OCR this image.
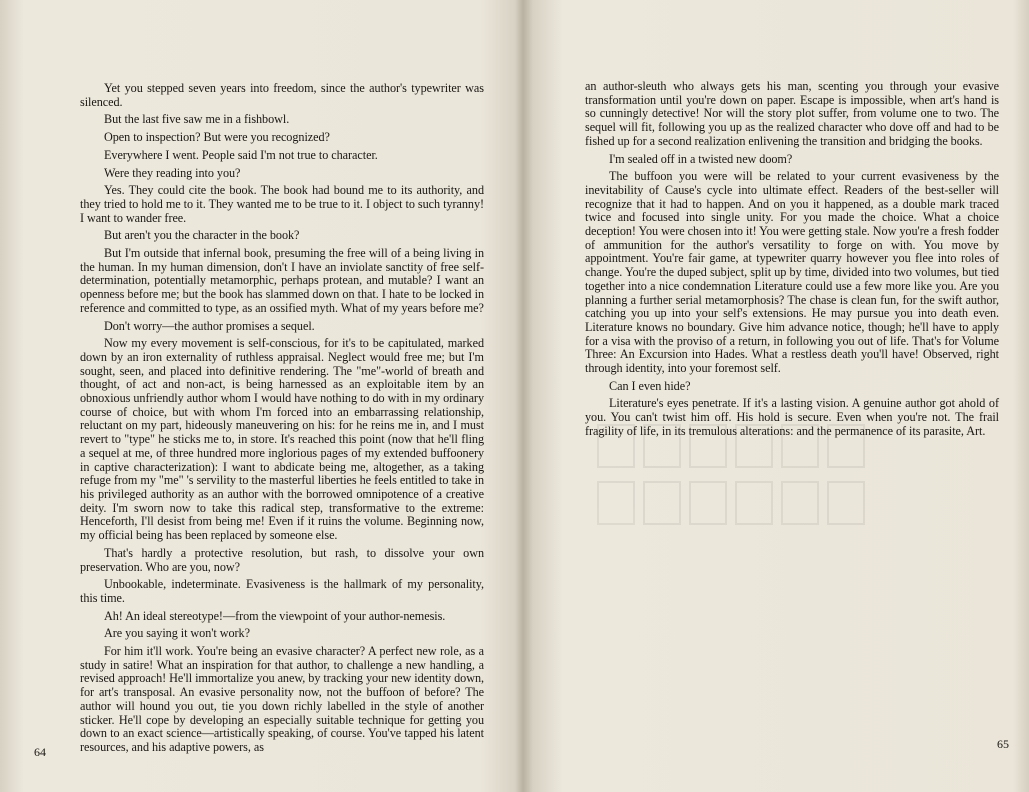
Yet you stepped seven years into freedom, since the author's typewriter was silenced.

But the last five saw me in a fishbowl.

Open to inspection? But were you recognized?

Everywhere I went. People said I'm not true to character.

Were they reading into you?

Yes. They could cite the book. The book had bound me to its authority, and they tried to hold me to it. They wanted me to be true to it. I object to such tyranny! I want to wander free.

But aren't you the character in the book?

But I'm outside that infernal book, presuming the free will of a being living in the human. In my human dimension, don't I have an inviolate sanctity of free self-determination, potentially metamorphic, perhaps protean, and mutable? I want an openness before me; but the book has slammed down on that. I hate to be locked in reference and committed to type, as an ossified myth. What of my years before me?

Don't worry—the author promises a sequel.

Now my every movement is self-conscious, for it's to be capitulated, marked down by an iron externality of ruthless appraisal. Neglect would free me; but I'm sought, seen, and placed into definitive rendering. The "me"-world of breath and thought, of act and non-act, is being harnessed as an exploitable item by an obnoxious unfriendly author whom I would have nothing to do with in my ordinary course of choice, but with whom I'm forced into an embarrassing relationship, reluctant on my part, hideously maneuvering on his: for he reins me in, and I must revert to "type" he sticks me to, in store. It's reached this point (now that he'll fling a sequel at me, of three hundred more inglorious pages of my extended buffoonery in captive characterization): I want to abdicate being me, altogether, as a taking refuge from my "me" 's servility to the masterful liberties he feels entitled to take in his privileged authority as an author with the borrowed omnipotence of a creative deity. I'm sworn now to take this radical step, transformative to the extreme: Henceforth, I'll desist from being me! Even if it ruins the volume. Beginning now, my official being has been replaced by someone else.

That's hardly a protective resolution, but rash, to dissolve your own preservation. Who are you, now?

Unbookable, indeterminate. Evasiveness is the hallmark of my personality, this time.

Ah! An ideal stereotype!—from the viewpoint of your author-nemesis.

Are you saying it won't work?

For him it'll work. You're being an evasive character? A perfect new role, as a study in satire! What an inspiration for that author, to challenge a new handling, a revised approach! He'll immortalize you anew, by tracking your new identity down, for art's transposal. An evasive personality now, not the buffoon of before? The author will hound you out, tie you down richly labelled in the style of another sticker. He'll cope by developing an especially suitable technique for getting you down to an exact science—artistically speaking, of course. You've tapped his latent resources, and his adaptive powers, as

64

an author-sleuth who always gets his man, scenting you through your evasive transformation until you're down on paper. Escape is impossible, when art's hand is so cunningly detective! Nor will the story plot suffer, from volume one to two. The sequel will fit, following you up as the realized character who dove off and had to be fished up for a second realization enlivening the transition and bridging the books.

I'm sealed off in a twisted new doom?

The buffoon you were will be related to your current evasiveness by the inevitability of Cause's cycle into ultimate effect. Readers of the best-seller will recognize that it had to happen. And on you it happened, as a double mark traced twice and focused into single unity. For you made the choice. What a choice deception! You were chosen into it! You were getting stale. Now you're a fresh fodder of ammunition for the author's versatility to forge on with. You move by appointment. You're fair game, at typewriter quarry however you flee into roles of change. You're the duped subject, split up by time, divided into two volumes, but tied together into a nice condemnation Literature could use a few more like you. Are you planning a further serial metamorphosis? The chase is clean fun, for the swift author, catching you up into your self's extensions. He may pursue you into death even. Literature knows no boundary. Give him advance notice, though; he'll have to apply for a visa with the proviso of a return, in following you out of life. That's for Volume Three: An Excursion into Hades. What a restless death you'll have! Observed, right through identity, into your foremost self.

Can I even hide?

Literature's eyes penetrate. If it's a lasting vision. A genuine author got ahold of you. You can't twist him off. His hold is secure. Even when you're not. The frail fragility of life, in its tremulous alterations: and the permanence of its parasite, Art.

65
